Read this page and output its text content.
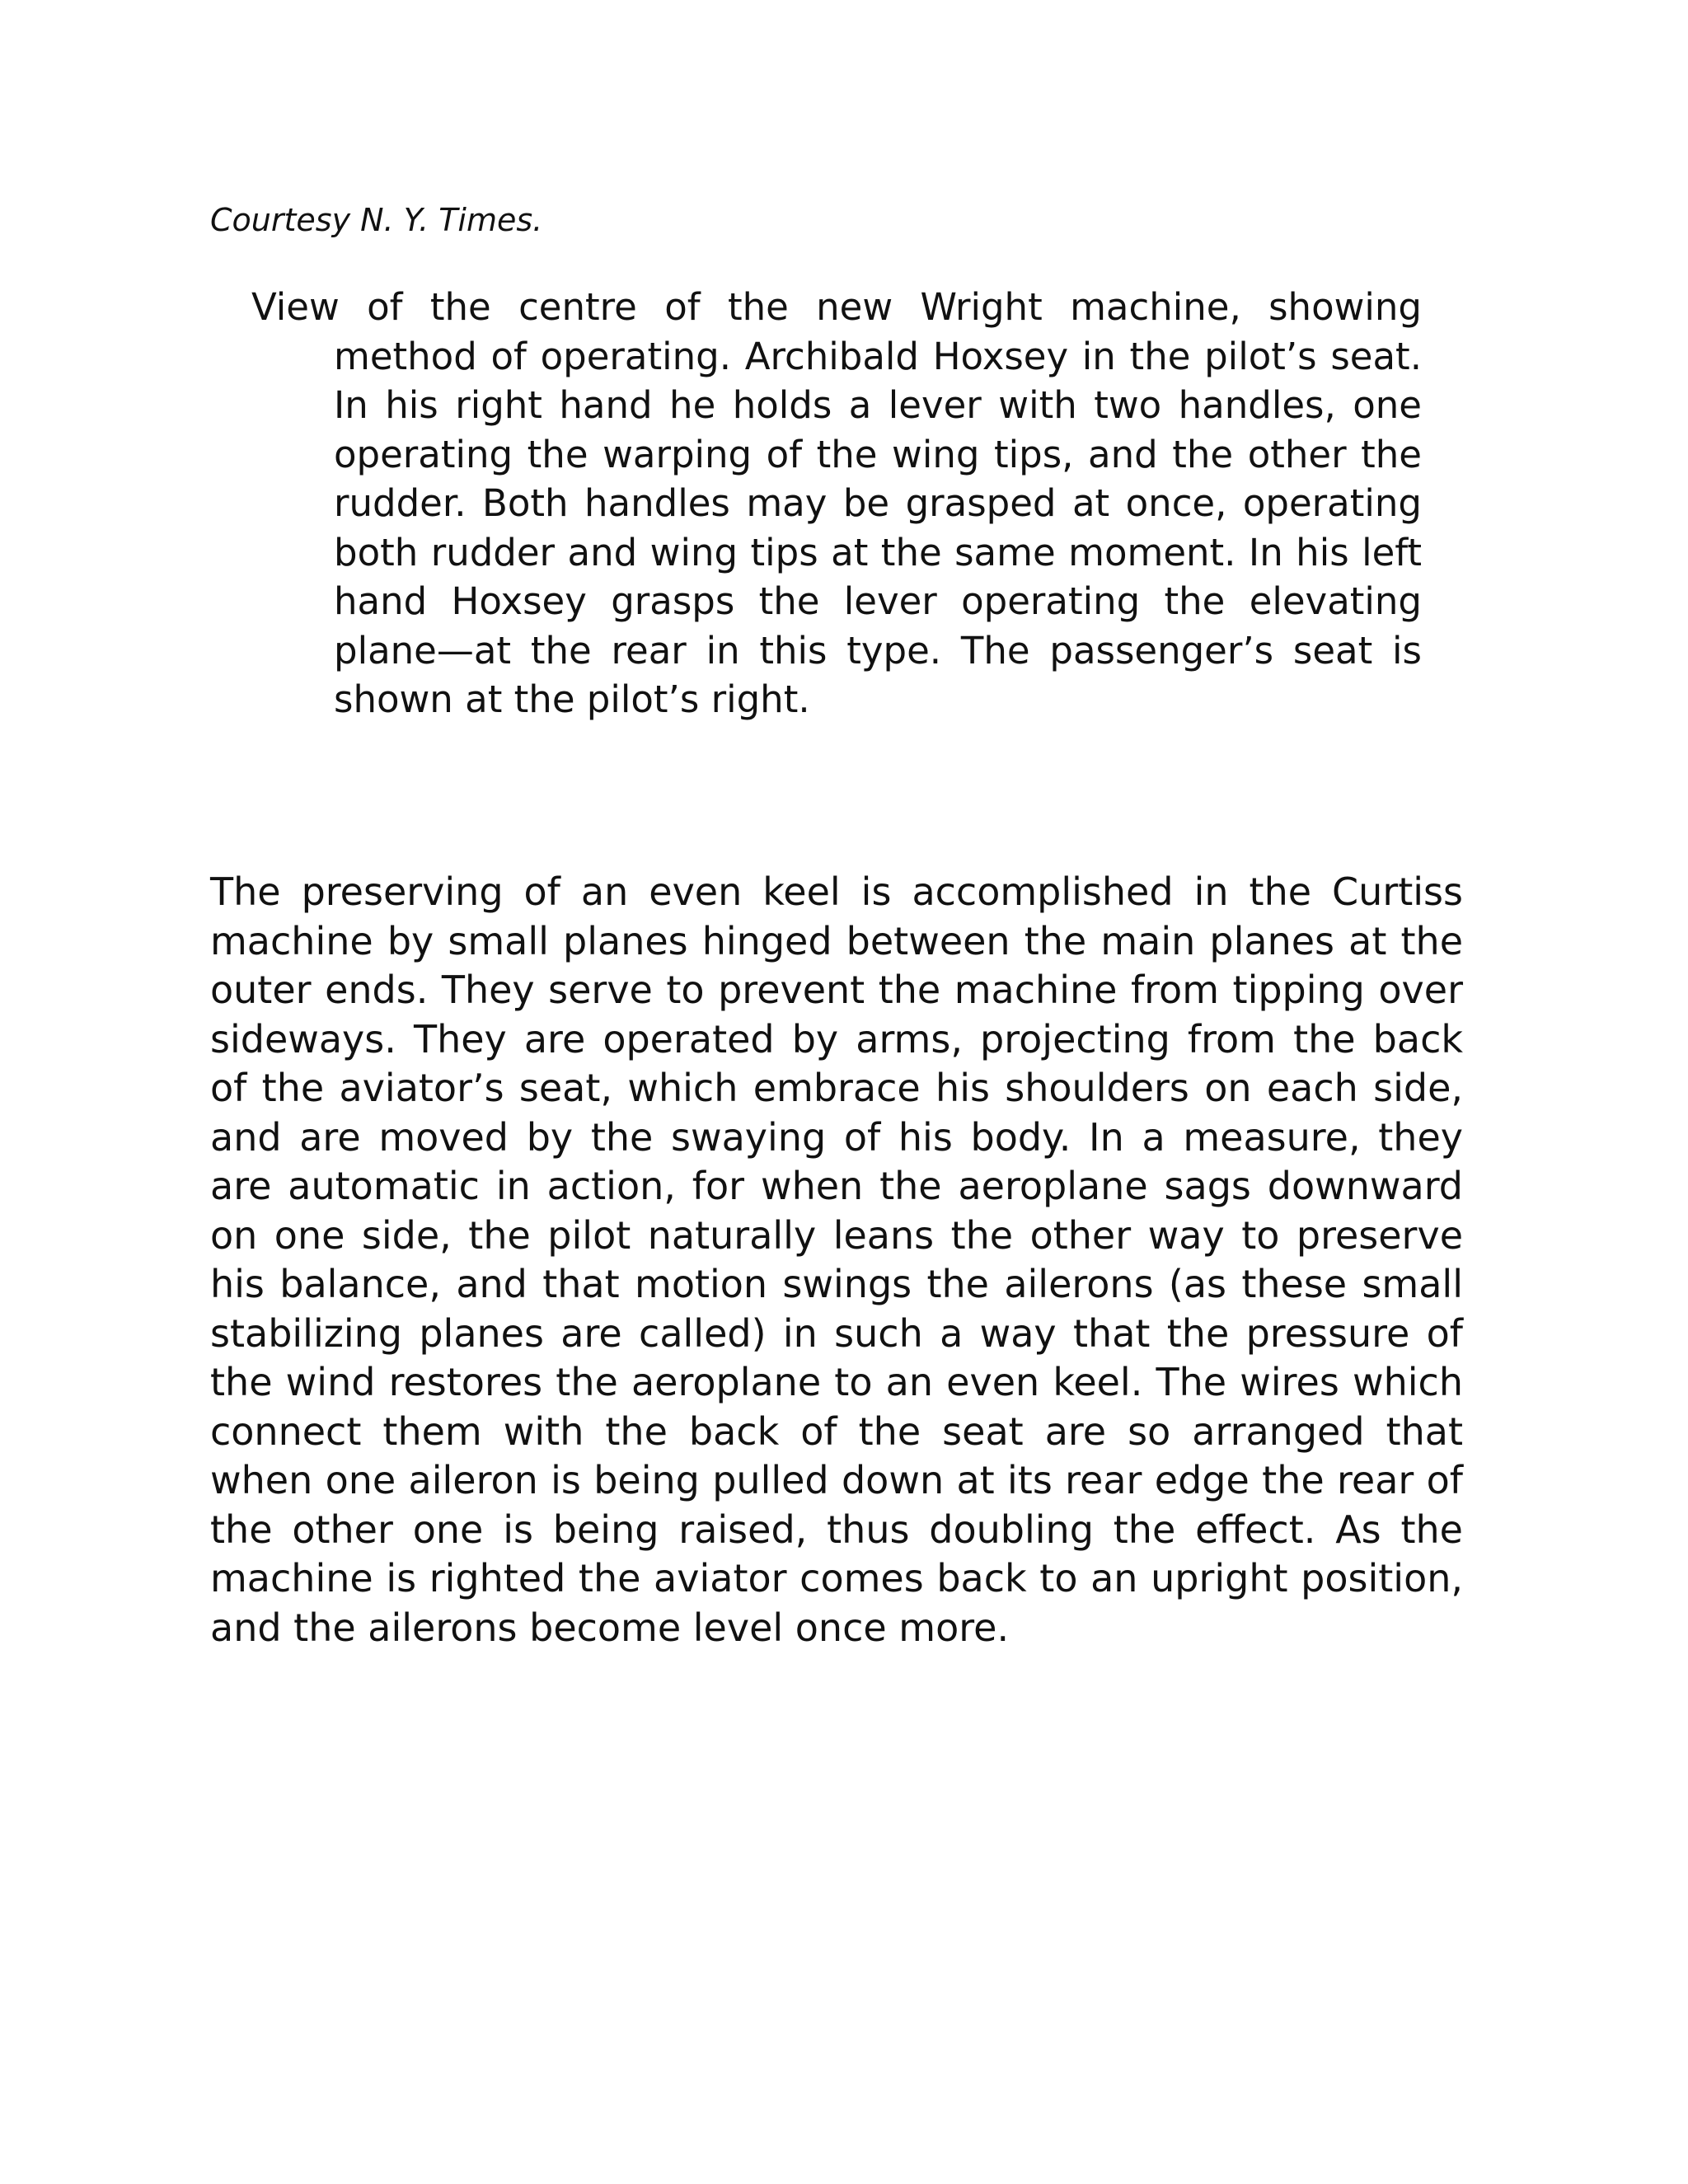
Courtesy N. Y. Times.

View of the centre of the new Wright machine, showing method of operating. Archibald Hoxsey in the pilot’s seat. In his right hand he holds a lever with two handles, one operating the warping of the wing tips, and the other the rudder. Both handles may be grasped at once, operating both rudder and wing tips at the same moment. In his left hand Hoxsey grasps the lever operating the elevating plane—at the rear in this type. The passenger’s seat is shown at the pilot’s right.

The preserving of an even keel is accomplished in the Curtiss machine by small planes hinged between the main planes at the outer ends. They serve to prevent the machine from tipping over sideways. They are operated by arms, projecting from the back of the aviator’s seat, which embrace his shoulders on each side, and are moved by the swaying of his body. In a measure, they are automatic in action, for when the aeroplane sags downward on one side, the pilot naturally leans the other way to preserve his balance, and that motion swings the ailerons (as these small stabilizing planes are called) in such a way that the pressure of the wind restores the aeroplane to an even keel. The wires which connect them with the back of the seat are so arranged that when one aileron is being pulled down at its rear edge the rear of the other one is being raised, thus doubling the effect. As the machine is righted the aviator comes back to an upright position, and the ailerons become level once more.
